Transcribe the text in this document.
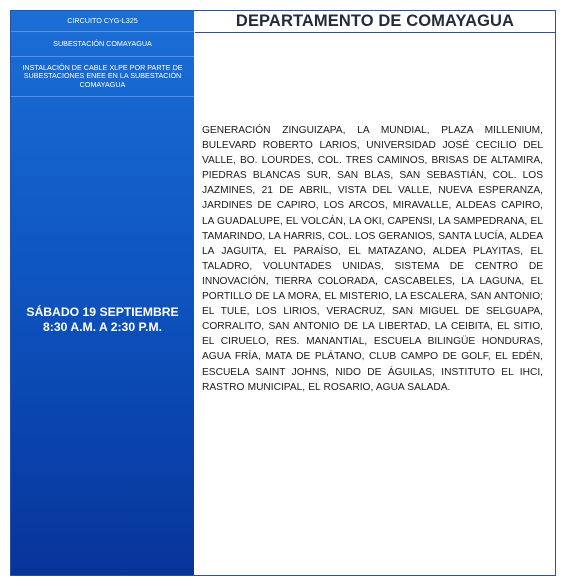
CIRCUITO CYG-L325
SUBESTACIÓN COMAYAGUA
INSTALACIÓN DE CABLE XLPE POR PARTE DE SUBESTACIONES ENEE EN LA SUBESTACIÓN COMAYAGUA
SÁBADO 19 SEPTIEMBRE
8:30 A.M. A 2:30 P.M.
DEPARTAMENTO DE COMAYAGUA
GENERACIÓN ZINGUIZAPA, LA MUNDIAL, PLAZA MILLENIUM, BULEVARD ROBERTO LARIOS, UNIVERSIDAD JOSÉ CECILIO DEL VALLE, BO. LOURDES, COL. TRES CAMINOS, BRISAS DE ALTAMIRA, PIEDRAS BLANCAS SUR, SAN BLAS, SAN SEBASTIÁN, COL. LOS JAZMINES, 21 DE ABRIL, VISTA DEL VALLE, NUEVA ESPERANZA, JARDINES DE CAPIRO, LOS ARCOS, MIRAVALLE, ALDEAS CAPIRO, LA GUADALUPE, EL VOLCÁN, LA OKI, CAPENSI, LA SAMPEDRANA, EL TAMARINDO, LA HARRIS, COL. LOS GERANIOS, SANTA LUCÍA, ALDEA LA JAGUITA, EL PARAÍSO, EL MATAZANO, ALDEA PLAYITAS, EL TALADRO, VOLUNTADES UNIDAS, SISTEMA DE CENTRO DE INNOVACIÓN, TIERRA COLORADA, CASCABELES, LA LAGUNA, EL PORTILLO DE LA MORA, EL MISTERIO, LA ESCALERA, SAN ANTONIO; EL TULE, LOS LIRIOS, VERACRUZ, SAN MIGUEL DE SELGUAPA, CORRALITO, SAN ANTONIO DE LA LIBERTAD, LA CEIBITA, EL SITIO, EL CIRUELO, RES. MANANTIAL, ESCUELA BILINGÜE HONDURAS, AGUA FRÍA, MATA DE PLÁTANO, CLUB CAMPO DE GOLF, EL EDÉN, ESCUELA SAINT JOHNS, NIDO DE ÁGUILAS, INSTITUTO EL IHCI, RASTRO MUNICIPAL, EL ROSARIO, AGUA SALADA.
